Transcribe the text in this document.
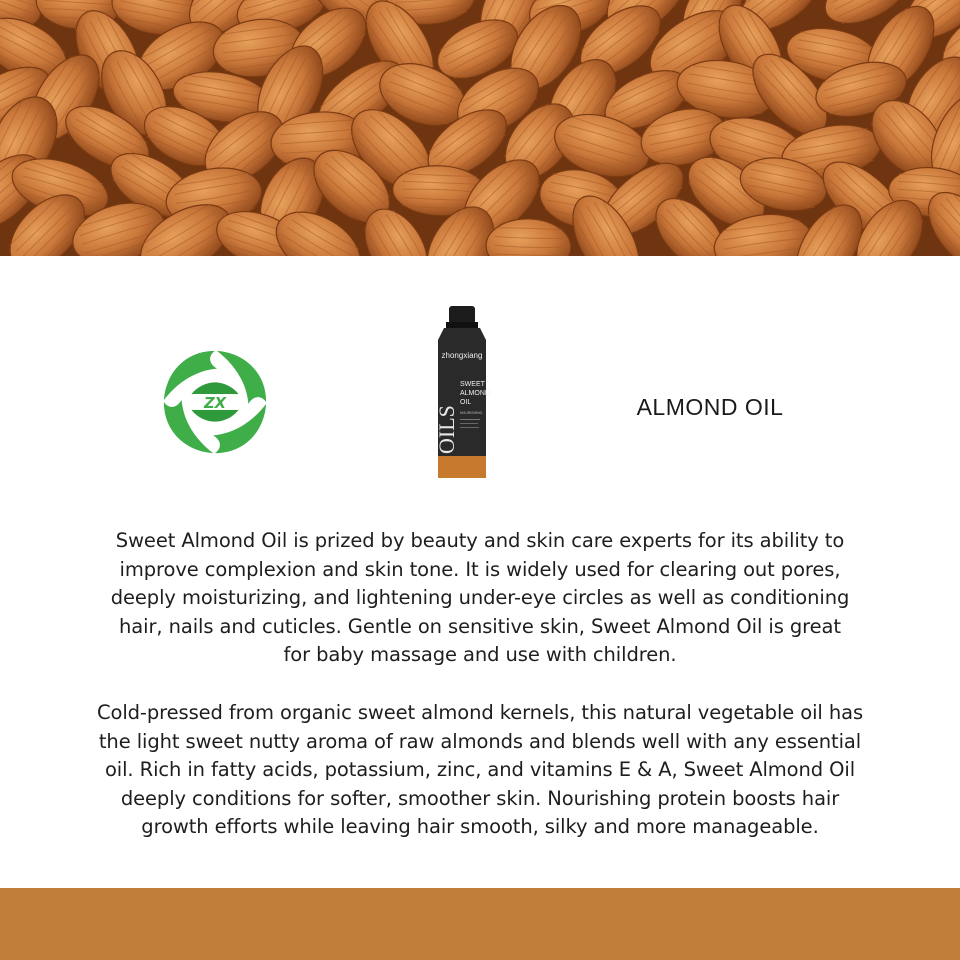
ZX
zhongxiang
OILS
SWEET
ALMOND
OIL
NOURISHING	ALMOND OIL

Sweet Almond Oil is prized by beauty and skin care experts for its ability to
improve complexion and skin tone. It is widely used for clearing out pores,
deeply moisturizing, and lightening under-eye circles as well as conditioning
hair, nails and cuticles. Gentle on sensitive skin, Sweet Almond Oil is great
for baby massage and use with children.

Cold-pressed from organic sweet almond kernels, this natural vegetable oil has
the light sweet nutty aroma of raw almonds and blends well with any essential
oil. Rich in fatty acids, potassium, zinc, and vitamins E & A, Sweet Almond Oil
deeply conditions for softer, smoother skin. Nourishing protein boosts hair
growth efforts while leaving hair smooth, silky and more manageable.
